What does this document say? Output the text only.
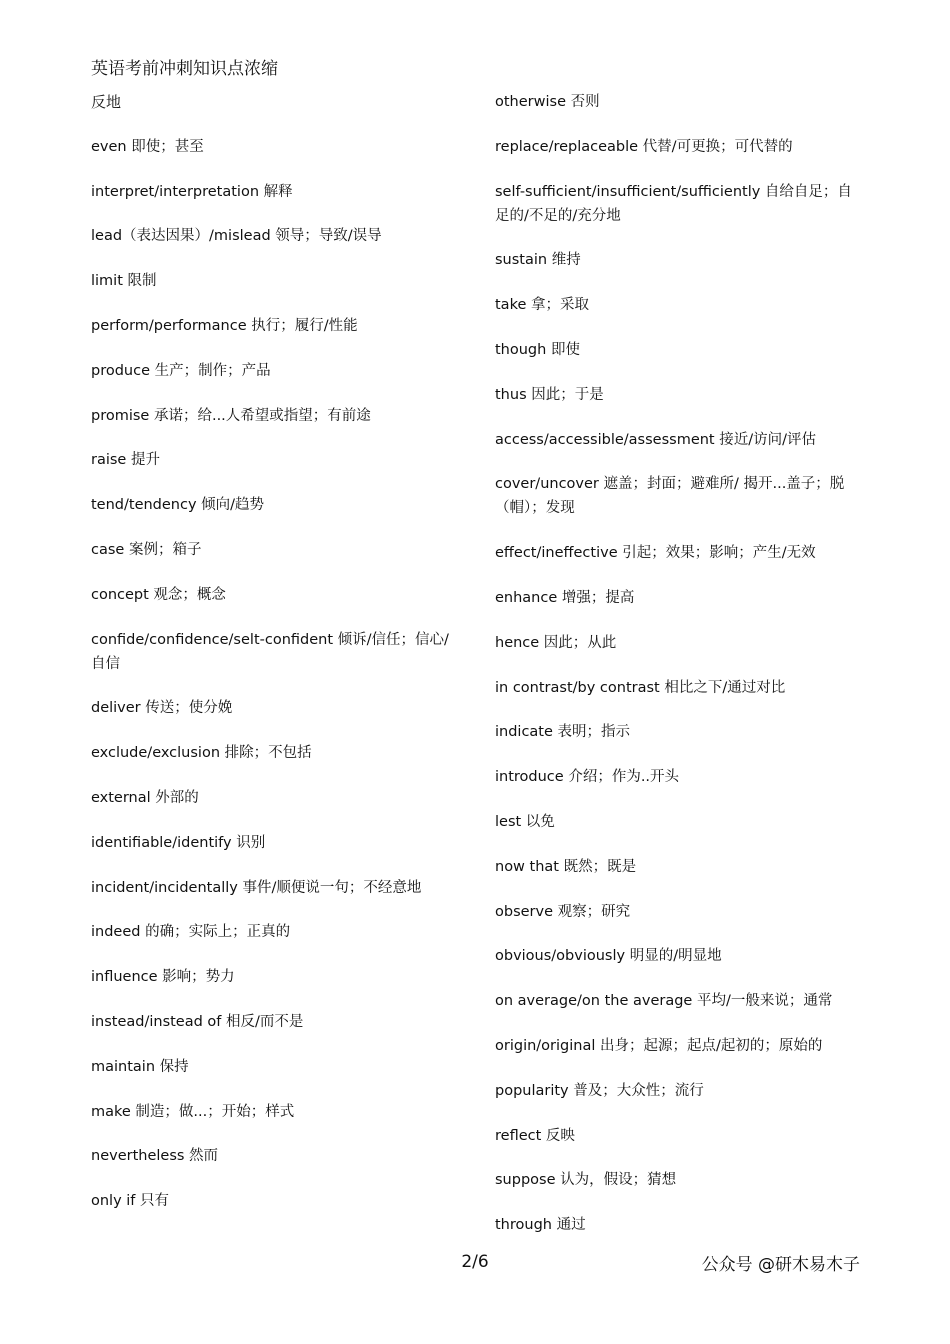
英语考前冲刺知识点浓缩
反地
even 即使；甚至
interpret/interpretation 解释
lead（表达因果）/mislead 领导；导致/误导
limit 限制
perform/performance 执行；履行/性能
produce 生产；制作；产品
promise 承诺；给...人希望或指望；有前途
raise 提升
tend/tendency 倾向/趋势
case 案例；箱子
concept 观念；概念
confide/confidence/selt-confident 倾诉/信任；信心/自信
deliver 传送；使分娩
exclude/exclusion 排除；不包括
external 外部的
identifiable/identify 识别
incident/incidentally 事件/顺便说一句；不经意地
indeed 的确；实际上；正真的
influence 影响；势力
instead/instead of 相反/而不是
maintain 保持
make 制造；做...；开始；样式
nevertheless 然而
only if 只有
otherwise 否则
replace/replaceable 代替/可更换；可代替的
self-sufficient/insufficient/sufficiently 自给自足；自足的/不足的/充分地
sustain 维持
take 拿；采取
though 即使
thus 因此；于是
access/accessible/assessment 接近/访问/评估
cover/uncover 遮盖；封面；避难所/ 揭开...盖子；脱（帽）；发现
effect/ineffective 引起；效果；影响；产生/无效
enhance 增强；提高
hence 因此；从此
in contrast/by contrast 相比之下/通过对比
indicate 表明；指示
introduce 介绍；作为..开头
lest 以免
now that 既然；既是
observe 观察；研究
obvious/obviously 明显的/明显地
on average/on the average 平均/一般来说；通常
origin/original 出身；起源；起点/起初的；原始的
popularity 普及；大众性；流行
reflect 反映
suppose 认为，假设；猜想
through 通过
2/6	公众号 @研木易木子
